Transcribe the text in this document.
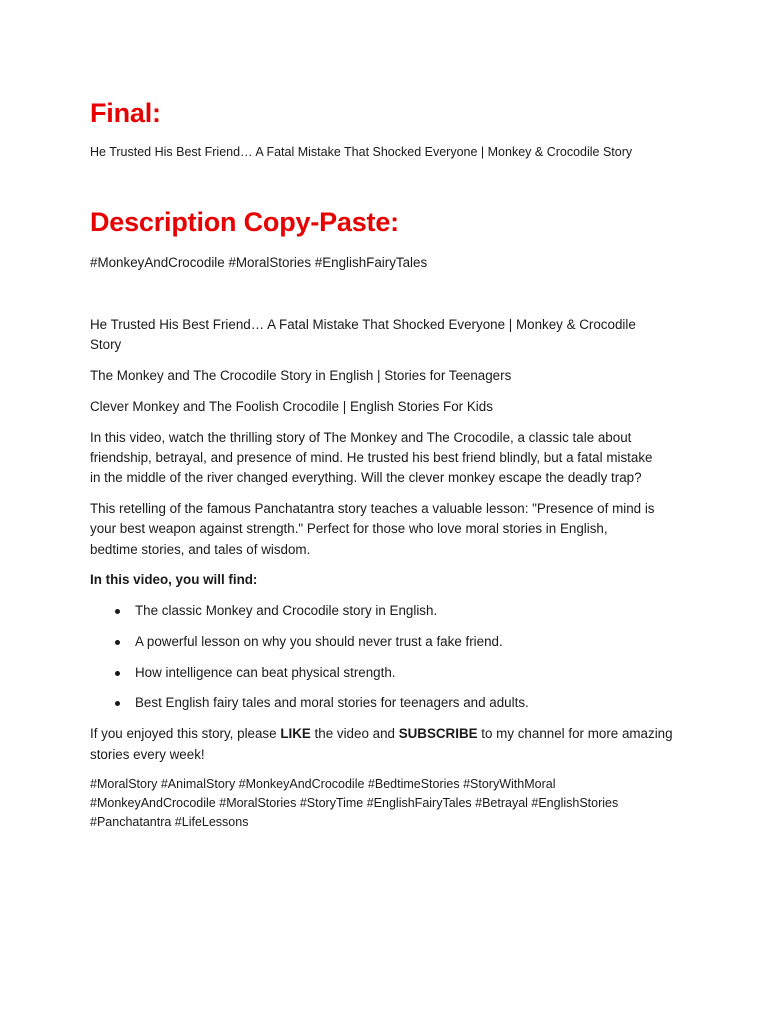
Final:

He Trusted His Best Friend… A Fatal Mistake That Shocked Everyone | Monkey & Crocodile Story

Description Copy-Paste:

#MonkeyAndCrocodile #MoralStories #EnglishFairyTales

He Trusted His Best Friend… A Fatal Mistake That Shocked Everyone | Monkey & Crocodile

Story

The Monkey and The Crocodile Story in English | Stories for Teenagers

Clever Monkey and The Foolish Crocodile | English Stories For Kids

In this video, watch the thrilling story of The Monkey and The Crocodile, a classic tale about

friendship, betrayal, and presence of mind. He trusted his best friend blindly, but a fatal mistake

in the middle of the river changed everything. Will the clever monkey escape the deadly trap?

This retelling of the famous Panchatantra story teaches a valuable lesson: "Presence of mind is

your best weapon against strength." Perfect for those who love moral stories in English,

bedtime stories, and tales of wisdom.

In this video, you will find:

The classic Monkey and Crocodile story in English.
A powerful lesson on why you should never trust a fake friend.
How intelligence can beat physical strength.
Best English fairy tales and moral stories for teenagers and adults.

If you enjoyed this story, please LIKE the video and SUBSCRIBE to my channel for more amazing

stories every week!

#MoralStory #AnimalStory #MonkeyAndCrocodile #BedtimeStories #StoryWithMoral

#MonkeyAndCrocodile #MoralStories #StoryTime #EnglishFairyTales #Betrayal #EnglishStories

#Panchatantra #LifeLessons
